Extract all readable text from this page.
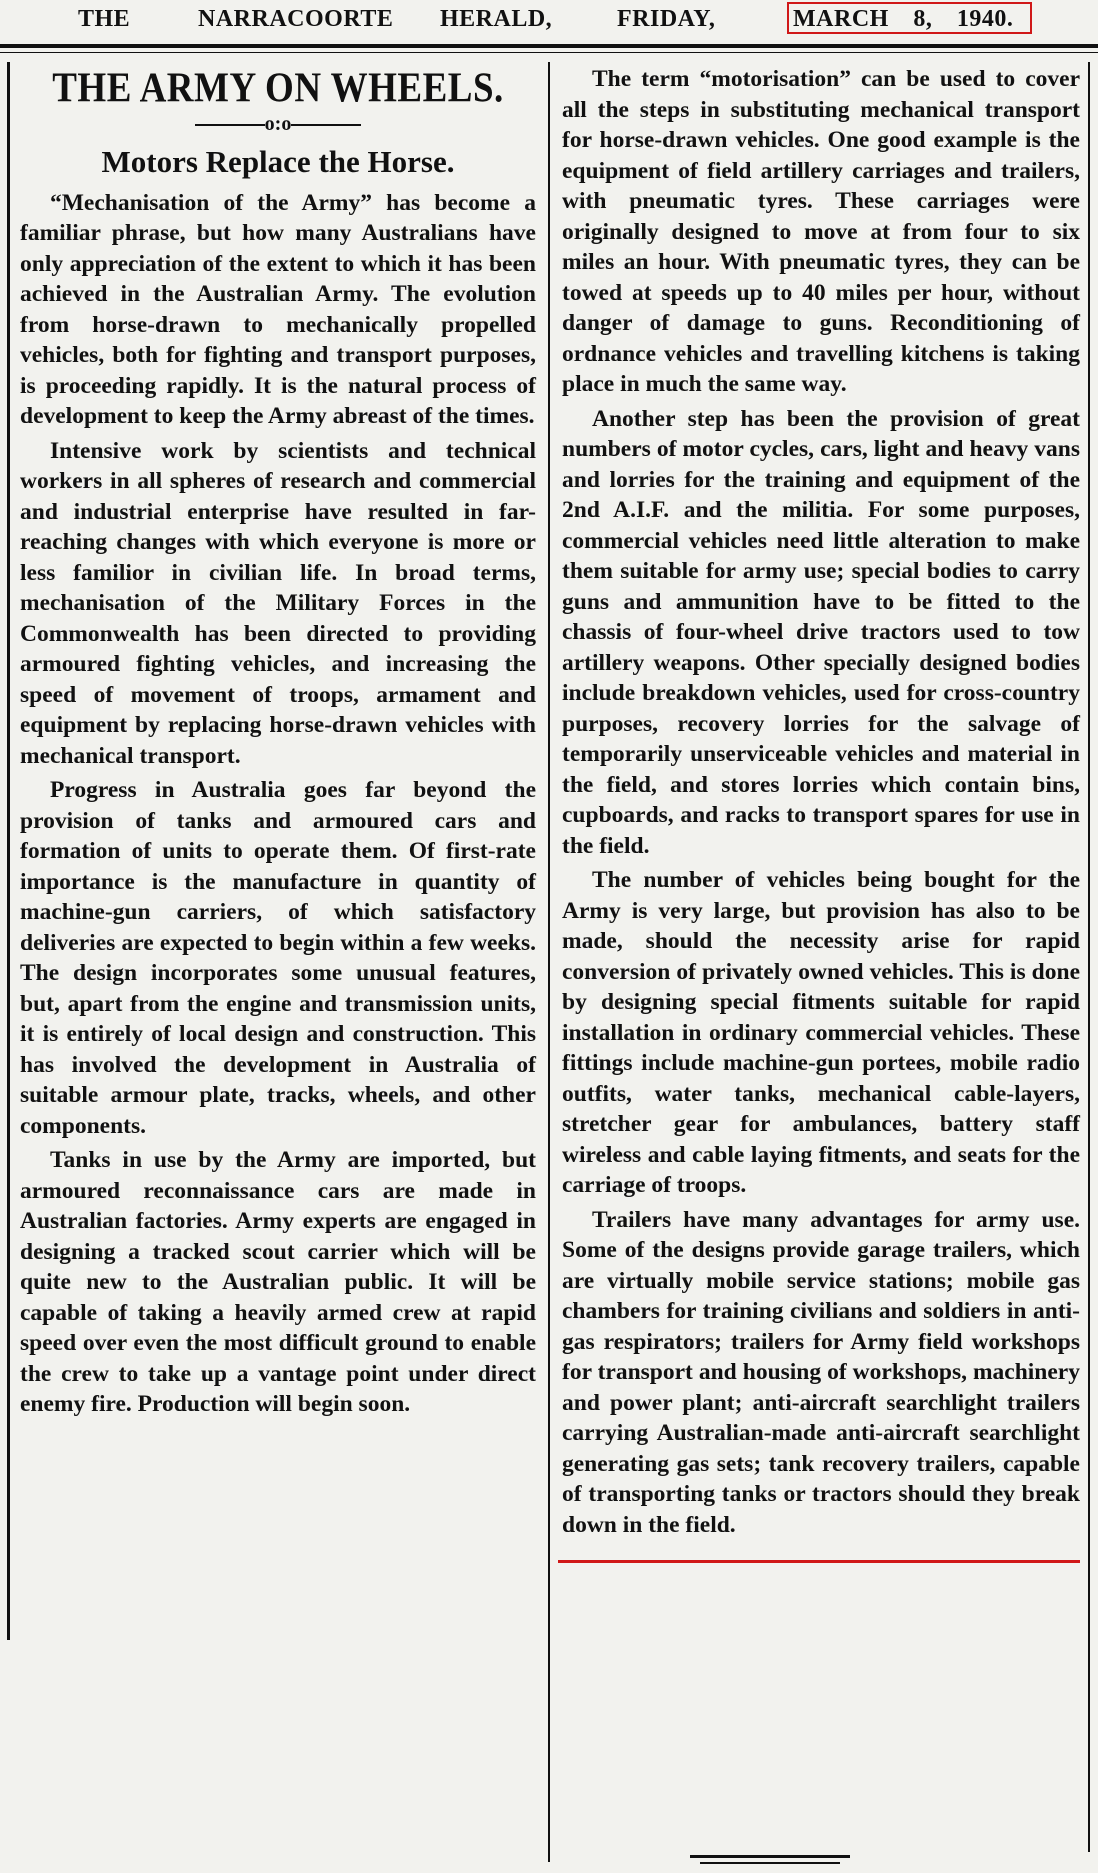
THE	NARRACOORTE HERALD,	FRIDAY,	MARCH 8, 1940.
THE ARMY ON WHEELS.
o:o
Motors Replace the Horse.

“Mechanisation of the Army” has become a familiar phrase, but how many Australians have only appreciation of the extent to which it has been achieved in the Australian Army. The evolution from horse-drawn to mechanically propelled vehicles, both for fighting and transport purposes, is proceeding rapidly. It is the natural process of development to keep the Army abreast of the times.

Intensive work by scientists and technical workers in all spheres of research and commercial and industrial enterprise have resulted in far-reaching changes with which everyone is more or less familior in civilian life. In broad terms, mechanisation of the Military Forces in the Commonwealth has been directed to providing armoured fighting vehicles, and increasing the speed of movement of troops, armament and equipment by replacing horse-drawn vehicles with mechanical transport.

Progress in Australia goes far beyond the provision of tanks and armoured cars and formation of units to operate them. Of first-rate importance is the manufacture in quantity of machine-gun carriers, of which satisfactory deliveries are expected to begin within a few weeks. The design incorporates some unusual features, but, apart from the engine and transmission units, it is entirely of local design and construction. This has involved the development in Australia of suitable armour plate, tracks, wheels, and other components.

Tanks in use by the Army are imported, but armoured reconnaissance cars are made in Australian factories. Army experts are engaged in designing a tracked scout carrier which will be quite new to the Australian public. It will be capable of taking a heavily armed crew at rapid speed over even the most difficult ground to enable the crew to take up a vantage point under direct enemy fire. Production will begin soon.

The term “motorisation” can be used to cover all the steps in substituting mechanical transport for horse-drawn vehicles. One good example is the equipment of field artillery carriages and trailers, with pneumatic tyres. These carriages were originally designed to move at from four to six miles an hour. With pneumatic tyres, they can be towed at speeds up to 40 miles per hour, without danger of damage to guns. Reconditioning of ordnance vehicles and travelling kitchens is taking place in much the same way.

Another step has been the provision of great numbers of motor cycles, cars, light and heavy vans and lorries for the training and equipment of the 2nd A.I.F. and the militia. For some purposes, commercial vehicles need little alteration to make them suitable for army use; special bodies to carry guns and ammunition have to be fitted to the chassis of four-wheel drive tractors used to tow artillery weapons. Other specially designed bodies include breakdown vehicles, used for cross-country purposes, recovery lorries for the salvage of temporarily unserviceable vehicles and material in the field, and stores lorries which contain bins, cupboards, and racks to transport spares for use in the field.

The number of vehicles being bought for the Army is very large, but provision has also to be made, should the necessity arise for rapid conversion of privately owned vehicles. This is done by designing special fitments suitable for rapid installation in ordinary commercial vehicles. These fittings include machine-gun portees, mobile radio outfits, water tanks, mechanical cable-layers, stretcher gear for ambulances, battery staff wireless and cable laying fitments, and seats for the carriage of troops.

Trailers have many advantages for army use. Some of the designs provide garage trailers, which are virtually mobile service stations; mobile gas chambers for training civilians and soldiers in anti-gas respirators; trailers for Army field workshops for transport and housing of workshops, machinery and power plant; anti-aircraft searchlight trailers carrying Australian-made anti-aircraft searchlight generating gas sets; tank recovery trailers, capable of transporting tanks or tractors should they break down in the field.
